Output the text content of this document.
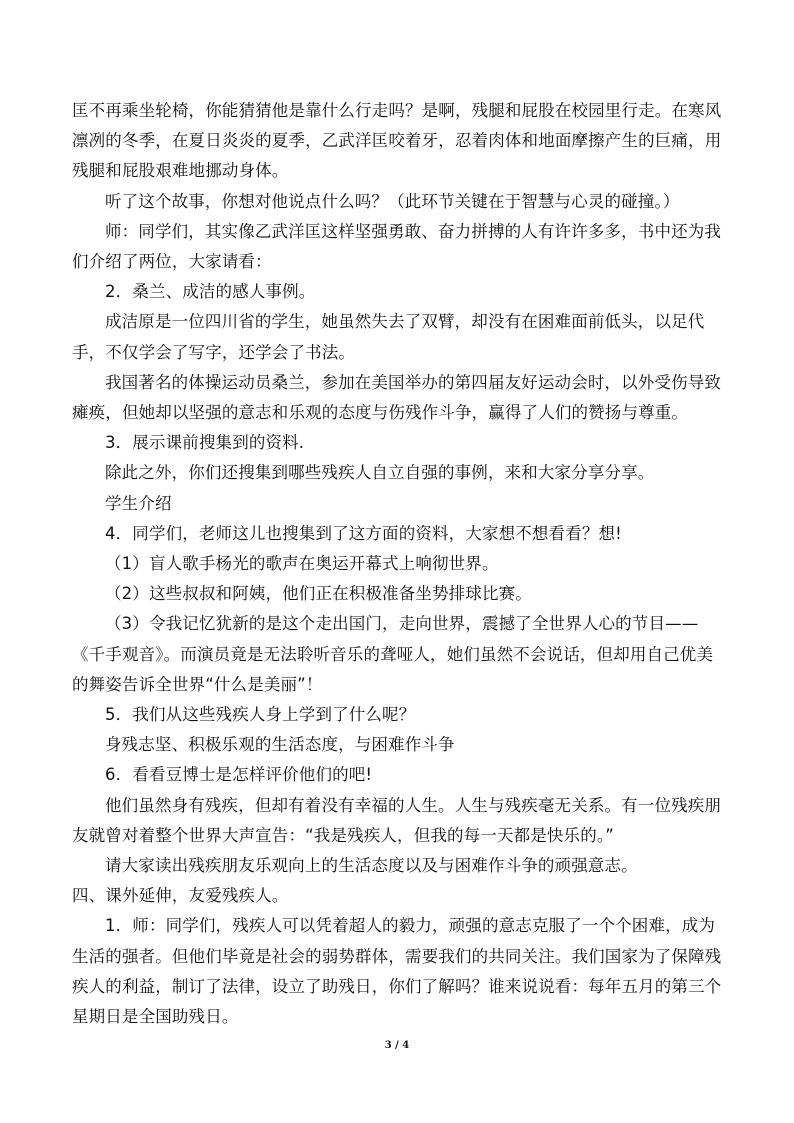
匡不再乘坐轮椅，你能猜猜他是靠什么行走吗？是啊，残腿和屁股在校园里行走。在寒风凛冽的冬季，在夏日炎炎的夏季，乙武洋匡咬着牙，忍着肉体和地面摩擦产生的巨痛，用残腿和屁股艰难地挪动身体。

听了这个故事，你想对他说点什么吗？（此环节关键在于智慧与心灵的碰撞。）

师：同学们，其实像乙武洋匡这样坚强勇敢、奋力拼搏的人有许许多多，书中还为我们介绍了两位，大家请看：

2．桑兰、成洁的感人事例。

成洁原是一位四川省的学生，她虽然失去了双臂，却没有在困难面前低头，以足代手，不仅学会了写字，还学会了书法。

我国著名的体操运动员桑兰，参加在美国举办的第四届友好运动会时，以外受伤导致瘫痪，但她却以坚强的意志和乐观的态度与伤残作斗争，赢得了人们的赞扬与尊重。

3．展示课前搜集到的资料.

除此之外，你们还搜集到哪些残疾人自立自强的事例，来和大家分享分享。

学生介绍

4．同学们，老师这儿也搜集到了这方面的资料，大家想不想看看？想!

（1）盲人歌手杨光的歌声在奥运开幕式上响彻世界。

（2）这些叔叔和阿姨，他们正在积极准备坐势排球比赛。

（3）令我记忆犹新的是这个走出国门，走向世界，震撼了全世界人心的节目——《千手观音》。而演员竟是无法聆听音乐的聋哑人，她们虽然不会说话，但却用自己优美的舞姿告诉全世界“什么是美丽”！

5．我们从这些残疾人身上学到了什么呢？

身残志坚、积极乐观的生活态度，与困难作斗争

6．看看豆博士是怎样评价他们的吧!

他们虽然身有残疾，但却有着没有幸福的人生。人生与残疾毫无关系。有一位残疾朋友就曾对着整个世界大声宣告：“我是残疾人，但我的每一天都是快乐的。”

请大家读出残疾朋友乐观向上的生活态度以及与困难作斗争的顽强意志。

四、课外延伸，友爱残疾人。

1．师：同学们，残疾人可以凭着超人的毅力，顽强的意志克服了一个个困难，成为生活的强者。但他们毕竟是社会的弱势群体，需要我们的共同关注。我们国家为了保障残疾人的利益，制订了法律，设立了助残日，你们了解吗？谁来说说看：每年五月的第三个星期日是全国助残日。

3 / 4
